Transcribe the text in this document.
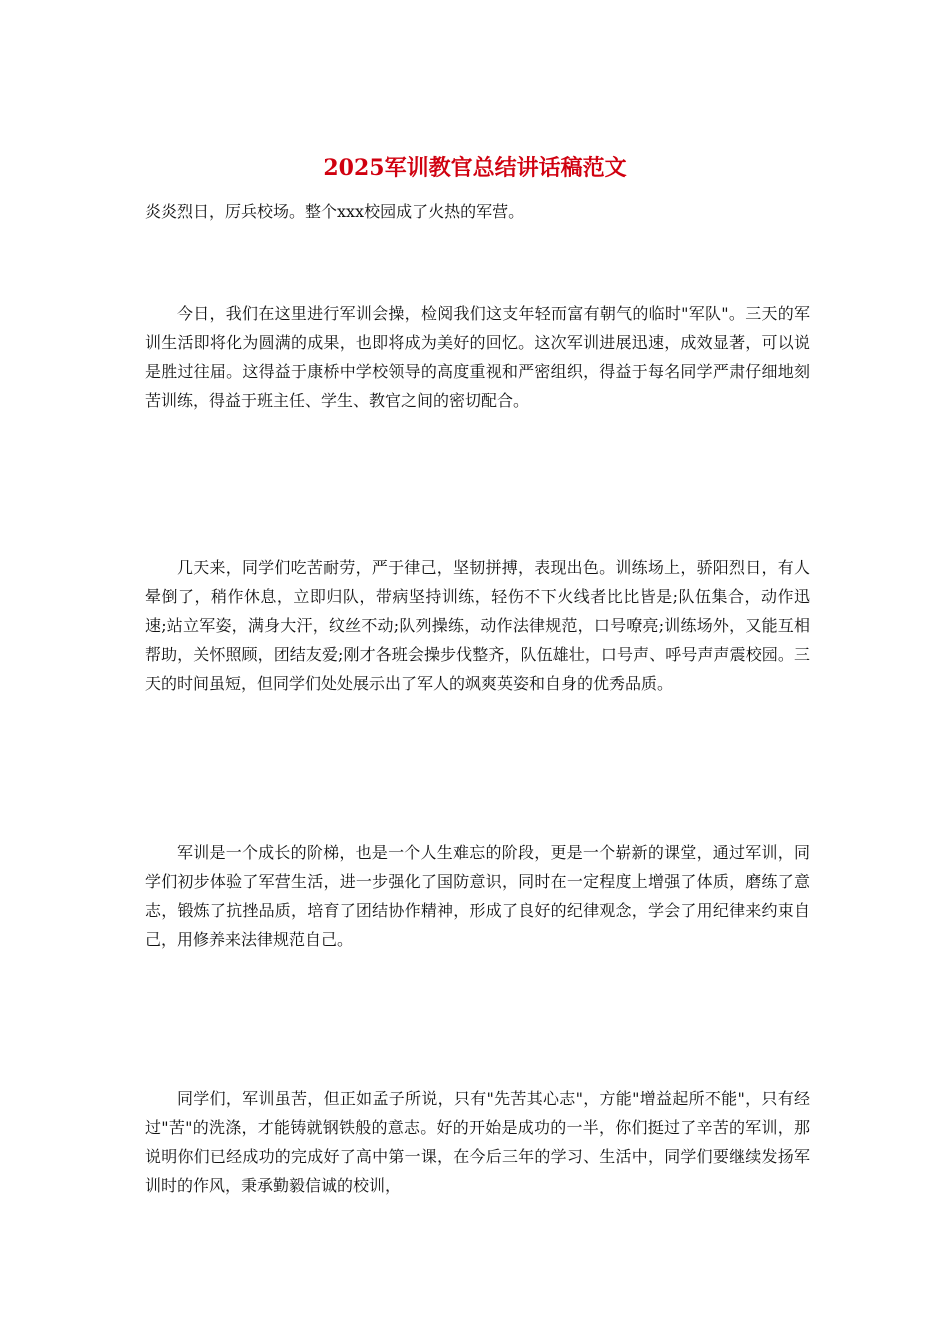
2025军训教官总结讲话稿范文

炎炎烈日，厉兵校场。整个xxx校园成了火热的军营。

今日，我们在这里进行军训会操，检阅我们这支年轻而富有朝气的临时"军队"。三天的军训生活即将化为圆满的成果，也即将成为美好的回忆。这次军训进展迅速，成效显著，可以说是胜过往届。这得益于康桥中学校领导的高度重视和严密组织，得益于每名同学严肃仔细地刻苦训练，得益于班主任、学生、教官之间的密切配合。

几天来，同学们吃苦耐劳，严于律己，坚韧拼搏，表现出色。训练场上，骄阳烈日，有人晕倒了，稍作休息，立即归队，带病坚持训练，轻伤不下火线者比比皆是;队伍集合，动作迅速;站立军姿，满身大汗，纹丝不动;队列操练，动作法律规范，口号嘹亮;训练场外，又能互相帮助，关怀照顾，团结友爱;刚才各班会操步伐整齐，队伍雄壮，口号声、呼号声声震校园。三天的时间虽短，但同学们处处展示出了军人的飒爽英姿和自身的优秀品质。

军训是一个成长的阶梯，也是一个人生难忘的阶段，更是一个崭新的课堂，通过军训，同学们初步体验了军营生活，进一步强化了国防意识，同时在一定程度上增强了体质，磨练了意志，锻炼了抗挫品质，培育了团结协作精神，形成了良好的纪律观念，学会了用纪律来约束自己，用修养来法律规范自己。

同学们，军训虽苦，但正如孟子所说，只有"先苦其心志"，方能"增益起所不能"，只有经过"苦"的洗涤，才能铸就钢铁般的意志。好的开始是成功的一半，你们挺过了辛苦的军训，那说明你们已经成功的完成好了高中第一课，在今后三年的学习、生活中，同学们要继续发扬军训时的作风，秉承勤毅信诚的校训，
